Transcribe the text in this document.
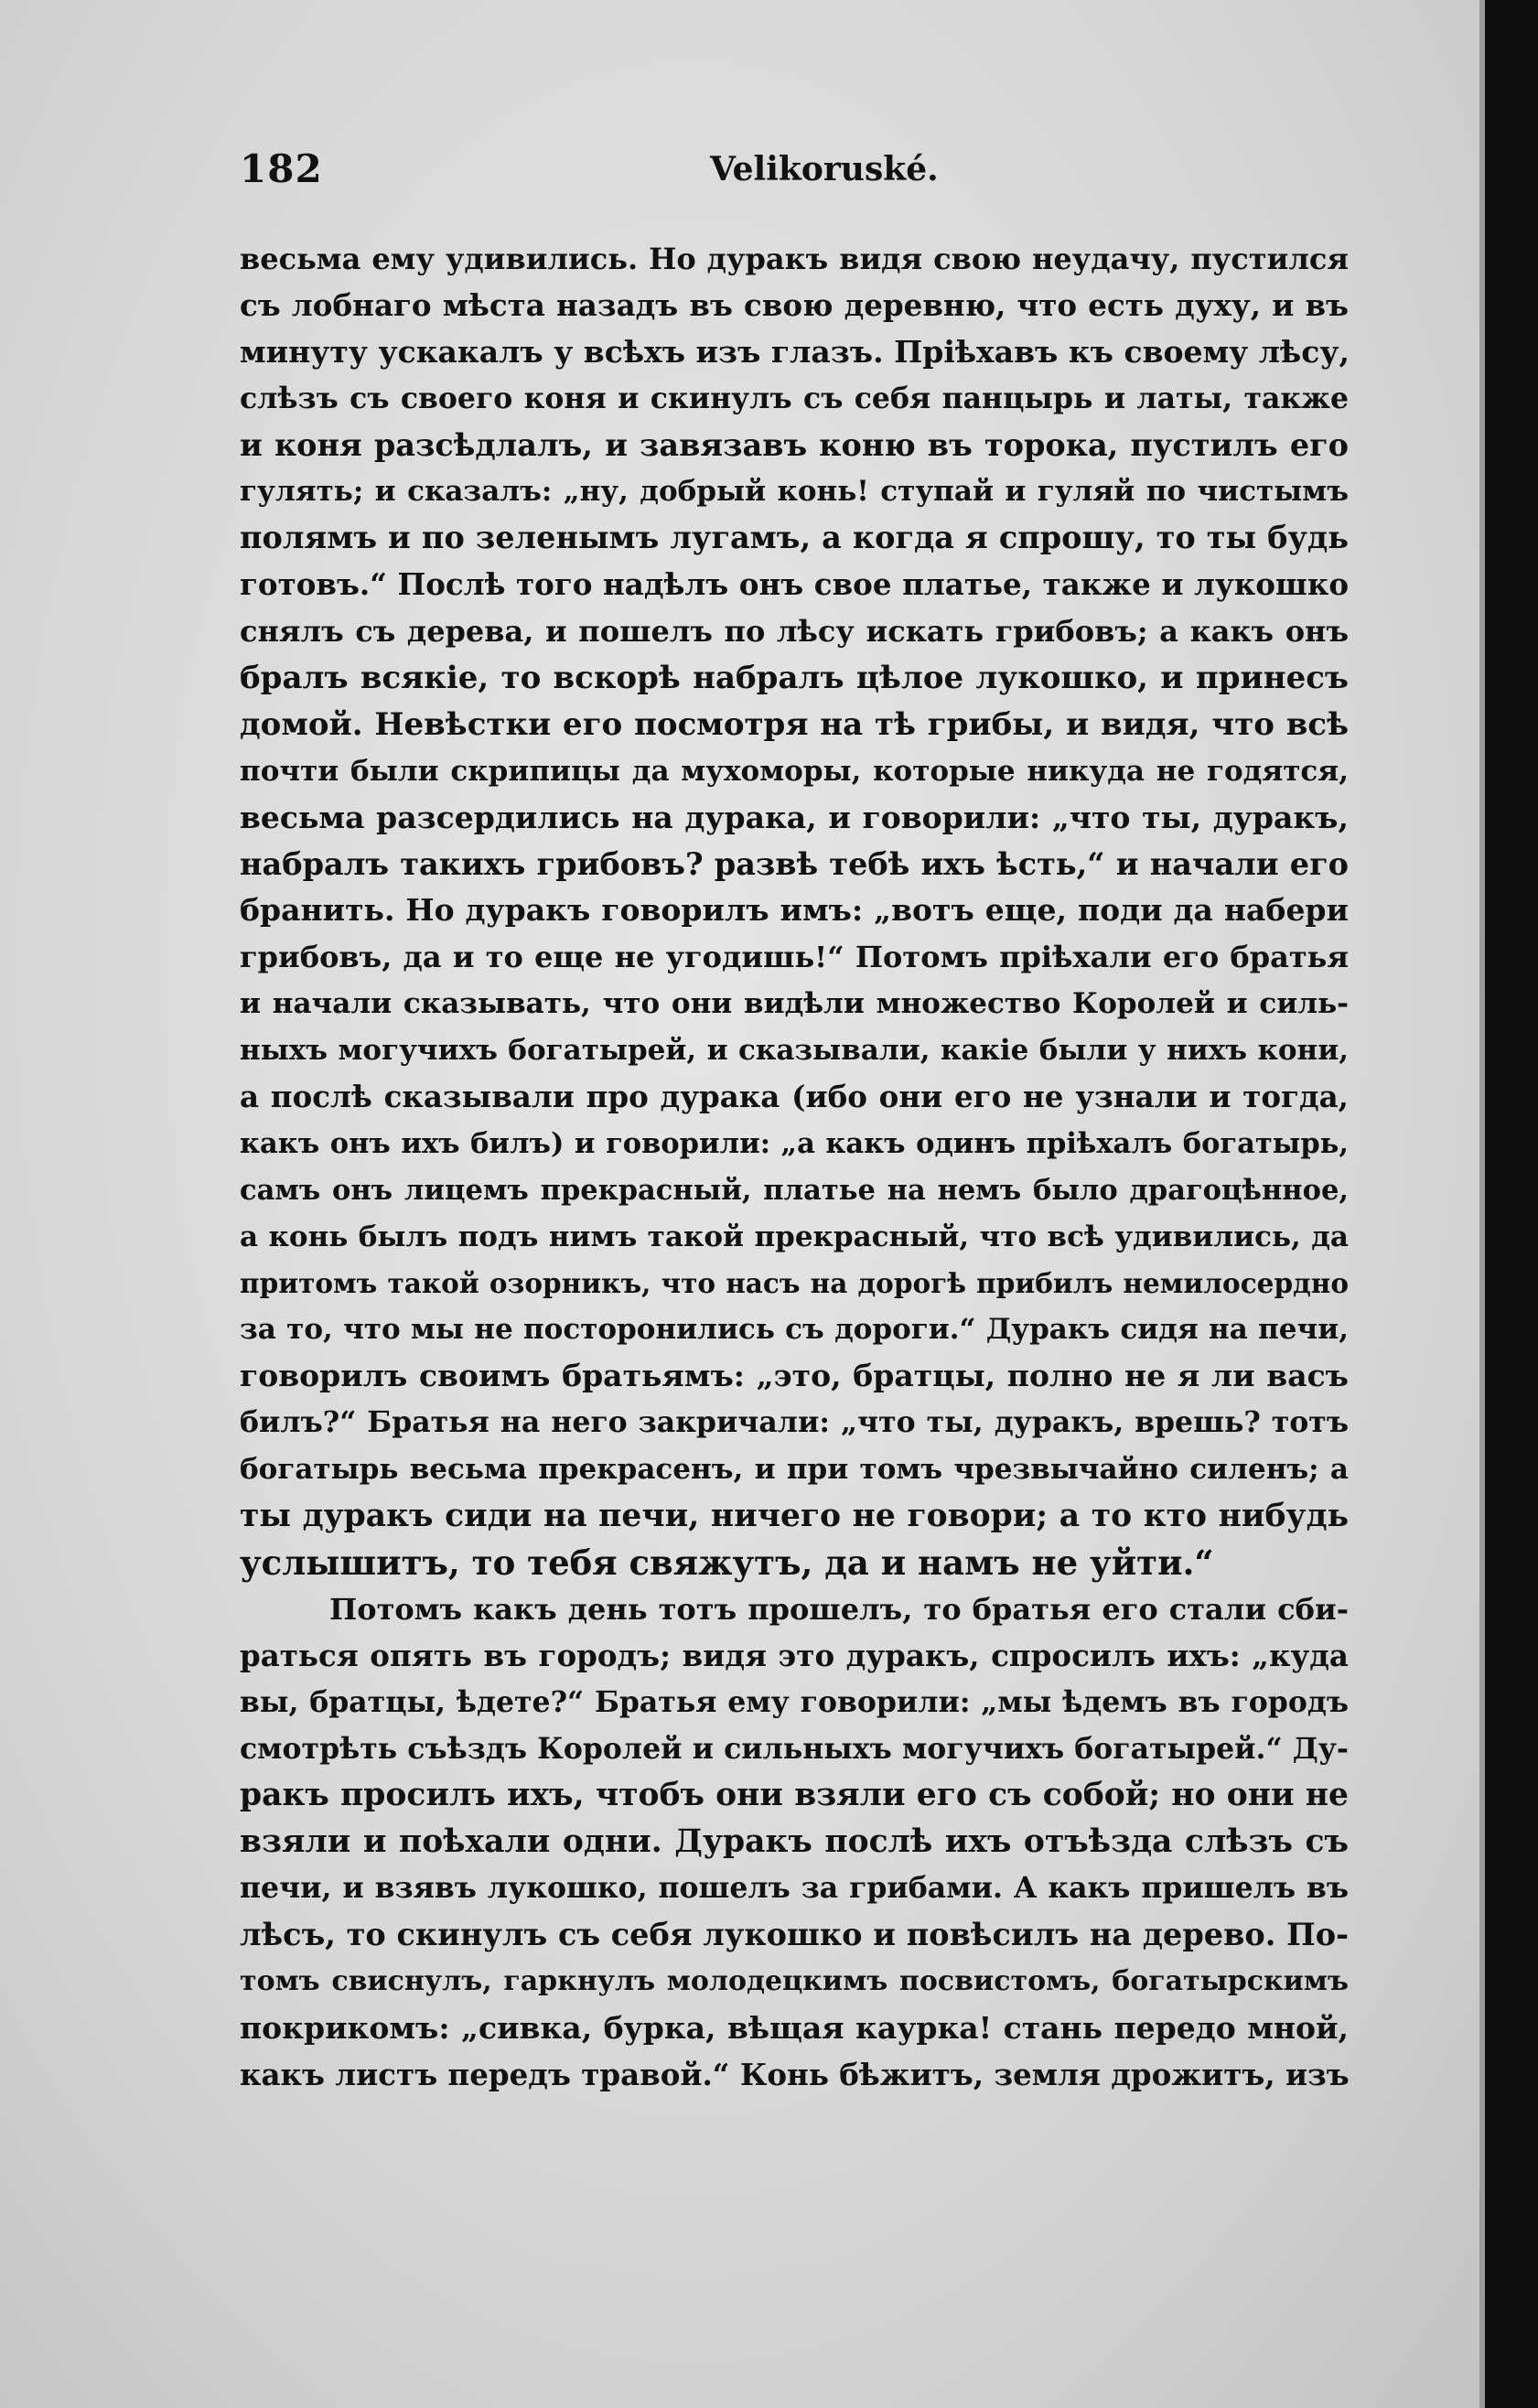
182	Velikoruské.
весьма ему удивились. Но дуракъ видя свою неудачу, пустился
съ лобнаго мѣста назадъ въ свою деревню, что есть духу, и въ
минуту ускакалъ у всѣхъ изъ глазъ. Пріѣхавъ къ своему лѣсу,
слѣзъ съ своего коня и скинулъ съ себя панцырь и латы, также
и коня разсѣдлалъ, и завязавъ коню въ торока, пустилъ его
гулять; и сказалъ: „ну, добрый конь! ступай и гуляй по чистымъ
полямъ и по зеленымъ лугамъ, а когда я спрошу, то ты будь
готовъ.“ Послѣ того надѣлъ онъ свое платье, также и лукошко
снялъ съ дерева, и пошелъ по лѣсу искать грибовъ; а какъ онъ
бралъ всякіе, то вскорѣ набралъ цѣлое лукошко, и принесъ
домой. Невѣстки его посмотря на тѣ грибы, и видя, что всѣ
почти были скрипицы да мухоморы, которые никуда не годятся,
весьма разсердились на дурака, и говорили: „что ты, дуракъ,
набралъ такихъ грибовъ? развѣ тебѣ ихъ ѣсть,“ и начали его
бранить. Но дуракъ говорилъ имъ: „вотъ еще, поди да набери
грибовъ, да и то еще не угодишь!“ Потомъ пріѣхали его братья
и начали сказывать, что они видѣли множество Королей и силь-
ныхъ могучихъ богатырей, и сказывали, какіе были у нихъ кони,
а послѣ сказывали про дурака (ибо они его не узнали и тогда,
какъ онъ ихъ билъ) и говорили: „а какъ одинъ пріѣхалъ богатырь,
самъ онъ лицемъ прекрасный, платье на немъ было драгоцѣнное,
а конь былъ подъ нимъ такой прекрасный, что всѣ удивились, да
притомъ такой озорникъ, что насъ на дорогѣ прибилъ немилосердно
за то, что мы не посторонились съ дороги.“ Дуракъ сидя на печи,
говорилъ своимъ братьямъ: „это, братцы, полно не я ли васъ
билъ?“ Братья на него закричали: „что ты, дуракъ, врешь? тотъ
богатырь весьма прекрасенъ, и при томъ чрезвычайно силенъ; а
ты дуракъ сиди на печи, ничего не говори; а то кто нибудь
услышитъ, то тебя свяжутъ, да и намъ не уйти.“
Потомъ какъ день тотъ прошелъ, то братья его стали сби-
раться опять въ городъ; видя это дуракъ, спросилъ ихъ: „куда
вы, братцы, ѣдете?“ Братья ему говорили: „мы ѣдемъ въ городъ
смотрѣть съѣздъ Королей и сильныхъ могучихъ богатырей.“ Ду-
ракъ просилъ ихъ, чтобъ они взяли его съ собой; но они не
взяли и поѣхали одни. Дуракъ послѣ ихъ отъѣзда слѣзъ съ
печи, и взявъ лукошко, пошелъ за грибами. А какъ пришелъ въ
лѣсъ, то скинулъ съ себя лукошко и повѣсилъ на дерево. По-
томъ свиснулъ, гаркнулъ молодецкимъ посвистомъ, богатырскимъ
покрикомъ: „сивка, бурка, вѣщая каурка! стань передо мной,
какъ листъ передъ травой.“ Конь бѣжитъ, земля дрожитъ, изъ
